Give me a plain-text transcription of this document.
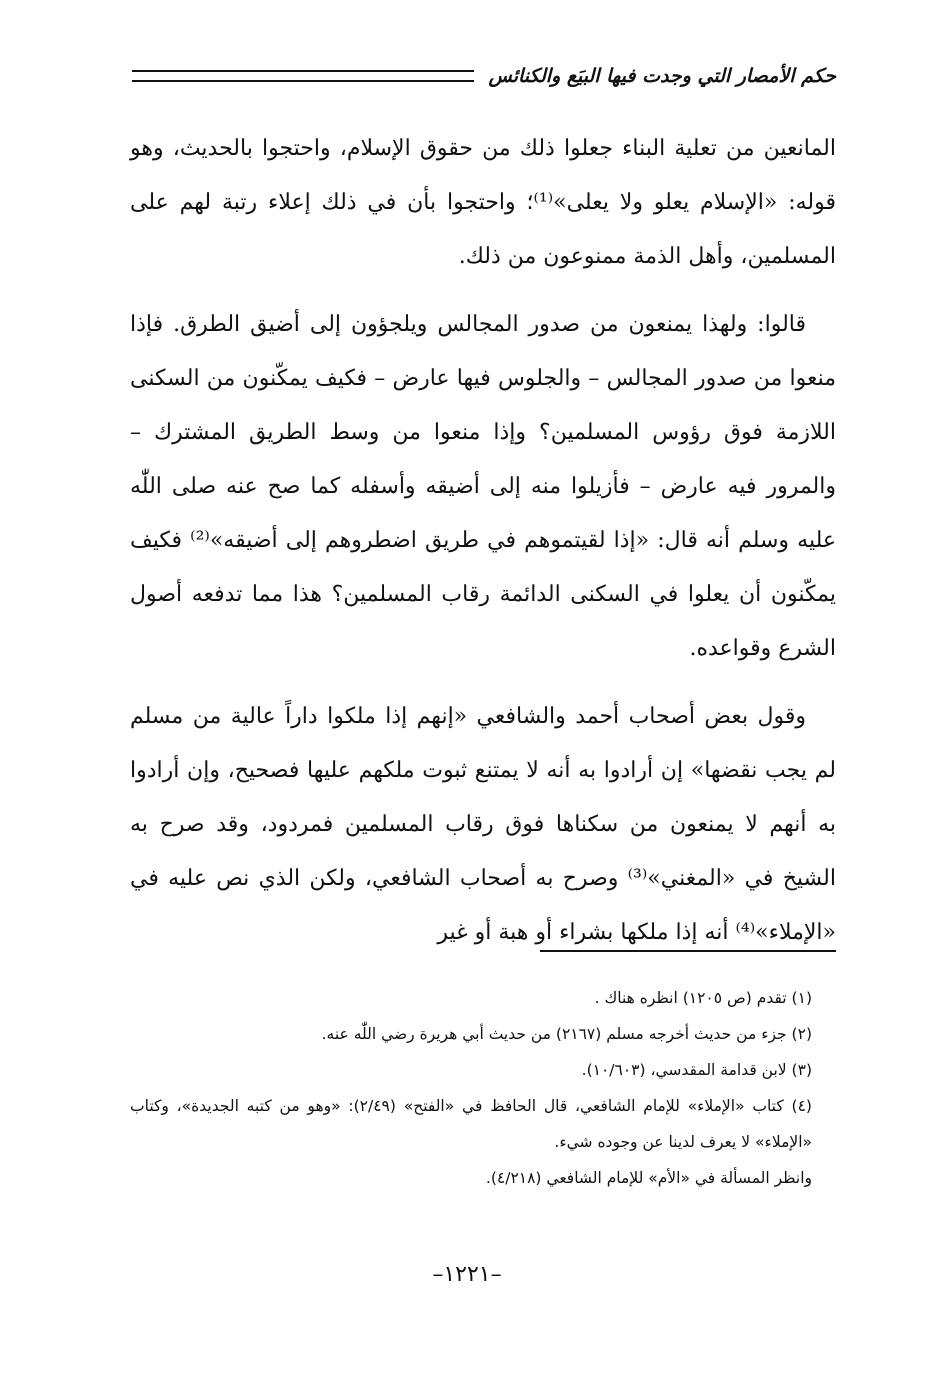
حكم الأمصار التي وجدت فيها البيَع والكنائس

المانعين من تعلية البناء جعلوا ذلك من حقوق الإسلام، واحتجوا بالحديث، وهو قوله: «الإسلام يعلو ولا يعلى»⁽¹⁾؛ واحتجوا بأن في ذلك إعلاء رتبة لهم على المسلمين، وأهل الذمة ممنوعون من ذلك.

قالوا: ولهذا يمنعون من صدور المجالس ويلجؤون إلى أضيق الطرق. فإذا منعوا من صدور المجالس – والجلوس فيها عارض – فكيف يمكّنون من السكنى اللازمة فوق رؤوس المسلمين؟ وإذا منعوا من وسط الطريق المشترك – والمرور فيه عارض – فأزيلوا منه إلى أضيقه وأسفله كما صح عنه صلى اللّٰه عليه وسلم أنه قال: «إذا لقيتموهم في طريق اضطروهم إلى أضيقه»⁽²⁾ فكيف يمكّنون أن يعلوا في السكنى الدائمة رقاب المسلمين؟ هذا مما تدفعه أصول الشرع وقواعده.

وقول بعض أصحاب أحمد والشافعي «إنهم إذا ملكوا داراً عالية من مسلم لم يجب نقضها» إن أرادوا به أنه لا يمتنع ثبوت ملكهم عليها فصحيح، وإن أرادوا به أنهم لا يمنعون من سكناها فوق رقاب المسلمين فمردود، وقد صرح به الشيخ في «المغني»⁽³⁾ وصرح به أصحاب الشافعي، ولكن الذي نص عليه في «الإملاء»⁽⁴⁾ أنه إذا ملكها بشراء أو هبة أو غير

(١) تقدم (ص ١٢٠٥) انظره هناك .

(٢) جزء من حديث أخرجه مسلم (٢١٦٧) من حديث أبي هريرة رضي اللّٰه عنه.

(٣) لابن قدامة المقدسي، (١٠/٦٠٣).

(٤) كتاب «الإملاء» للإمام الشافعي، قال الحافظ في «الفتح» (٢/٤٩): «وهو من كتبه الجديدة»، وكتاب «الإملاء» لا يعرف لدينا عن وجوده شيء.

وانظر المسألة في «الأم» للإمام الشافعي (٤/٢١٨).

–١٢٢١–
